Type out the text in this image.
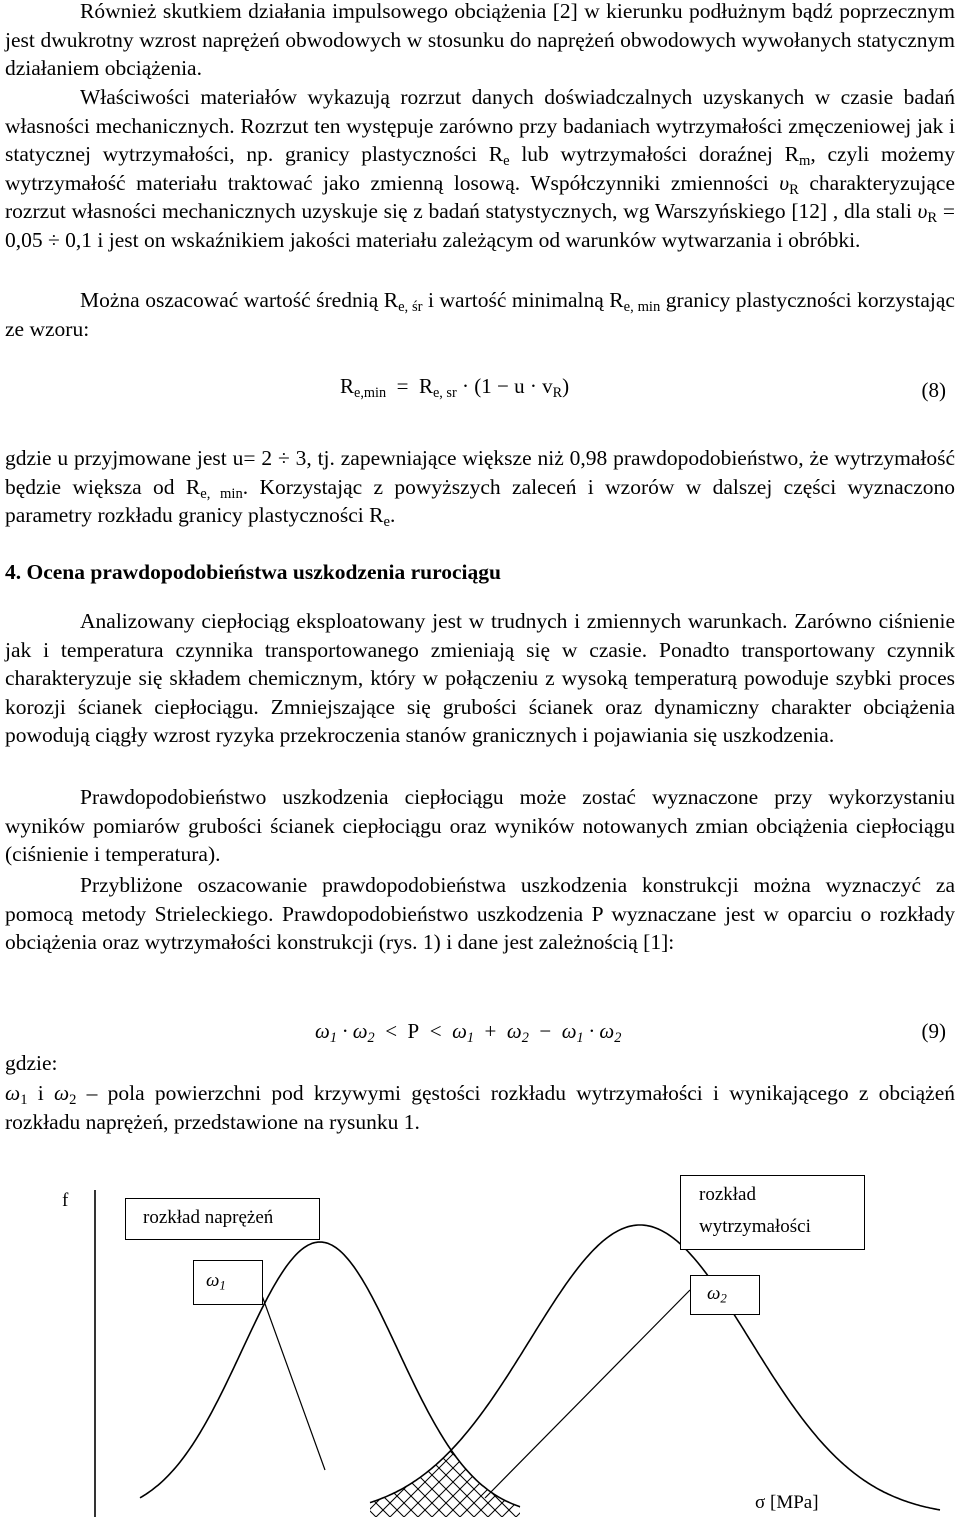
Również skutkiem działania impulsowego obciążenia [2] w kierunku podłużnym bądź poprzecznym jest dwukrotny wzrost naprężeń obwodowych w stosunku do naprężeń obwodowych wywołanych statycznym działaniem obciążenia.

Właściwości materiałów wykazują rozrzut danych doświadczalnych uzyskanych w czasie badań własności mechanicznych. Rozrzut ten występuje zarówno przy badaniach wytrzymałości zmęczeniowej jak i statycznej wytrzymałości, np. granicy plastyczności $R_e$ lub wytrzymałości doraźnej $R_m$, czyli możemy wytrzymałość materiału traktować jako zmienną losową. Współczynniki zmienności $\upsilon_R$ charakteryzujące rozrzut własności mechanicznych uzyskuje się z badań statystycznych, wg Warszyńskiego [12] , dla stali $\upsilon_R = 0,05 \div 0,1$ i jest on wskaźnikiem jakości materiału zależącym od warunków wytwarzania i obróbki.

Można oszacować wartość średnią $R_{e, śr}$ i wartość minimalną $R_{e, min}$ granicy plastyczności korzystając ze wzoru:

$R_{e,min} = R_{e, sr} \cdot (1 - u \cdot v_R)$	(8)

gdzie u przyjmowane jest u= 2 ÷ 3, tj. zapewniające większe niż 0,98 prawdopodobieństwo, że wytrzymałość będzie większa od $R_{e, min}$. Korzystając z powyższych zaleceń i wzorów w dalszej części wyznaczono parametry rozkładu granicy plastyczności $R_e$.

4. Ocena prawdopodobieństwa uszkodzenia rurociągu

Analizowany ciepłociąg eksploatowany jest w trudnych i zmiennych warunkach. Zarówno ciśnienie jak i temperatura czynnika transportowanego zmieniają się w czasie. Ponadto transportowany czynnik charakteryzuje się składem chemicznym, który w połączeniu z wysoką temperaturą powoduje szybki proces korozji ścianek ciepłociągu. Zmniejszające się grubości ścianek oraz dynamiczny charakter obciążenia powodują ciągły wzrost ryzyka przekroczenia stanów granicznych i pojawiania się uszkodzenia.

Prawdopodobieństwo uszkodzenia ciepłociągu może zostać wyznaczone przy wykorzystaniu wyników pomiarów grubości ścianek ciepłociągu oraz wyników notowanych zmian obciążenia ciepłociągu (ciśnienie i temperatura).

Przybliżone oszacowanie prawdopodobieństwa uszkodzenia konstrukcji można wyznaczyć za pomocą metody Strieleckiego. Prawdopodobieństwo uszkodzenia P wyznaczane jest w oparciu o rozkłady obciążenia oraz wytrzymałości konstrukcji (rys. 1) i dane jest zależnością [1]:

$\omega_1 \cdot \omega_2 < P < \omega_1 + \omega_2 - \omega_1 \cdot \omega_2$	(9)

gdzie:

$\omega_1$ i $\omega_2$ – pola powierzchni pod krzywymi gęstości rozkładu wytrzymałości i wynikającego z obciążeń rozkładu naprężeń, przedstawione na rysunku 1.

f
rozkład naprężeń
rozkład
wytrzymałości
$\omega_1$	$\omega_2$
σ [MPa]
